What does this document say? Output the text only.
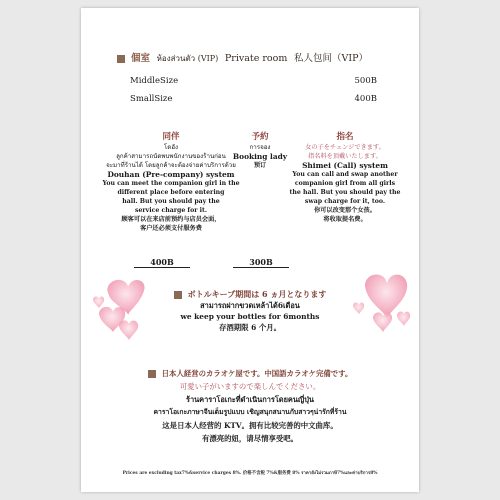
個室 ห้องส่วนตัว (VIP) Private room 私人包间（VIP）
MiddleSize	500B
SmallSize	400B
同伴
โดฮัง
ลูกค้าสามารถนัดพบพนักงานของร้านก่อน
จะมาที่ร้านได้ โดยลูกค้าจะต้องจ่ายค่าบริการด้วย
Douhan (Pre-company) system
You can meet the companion girl in the
different place before entering
hall. But you should pay the
service charge for it.
顾客可以在来店前预约与店员会面，
客户还必须支付服务费
400B
予約
การจอง
Booking lady
预订
300B
指名
女の子をチェンジできます。
指名料を頂戴いたします。
Shimei (Call) system
You can call and swap another
companion girl from all girls
the hall. But you should pay the
swap charge for it, too.
你可以改变那个女孩。
将收取提名费。
ボトルキープ期間は 6 ヵ月となります
สามารถฝากขวดเหล้าได้6เดือน
we keep your bottles for 6months
存酒期限 6 个月。
日本人経営のカラオケ屋です。中国語カラオケ完備です。
可愛い子がいますので楽しんでください。
ร้านคาราโอเกะที่ดำเนินการโดยคนญี่ปุ่น
คาราโอเกะภาษาจีนเต็มรูปแบบ เชิญสนุกสนานกับสาวๆน่ารักที่ร้าน
这是日本人经营的 KTV。拥有比较完善的中文曲库。
有漂亮的妞，请尽情享受吧。
Prices are excluding tax7%&service charges 8%. 价格不含税 7%&服务费 8% ราคายังไม่รวมภาษี7%และค่าบริการ8%
